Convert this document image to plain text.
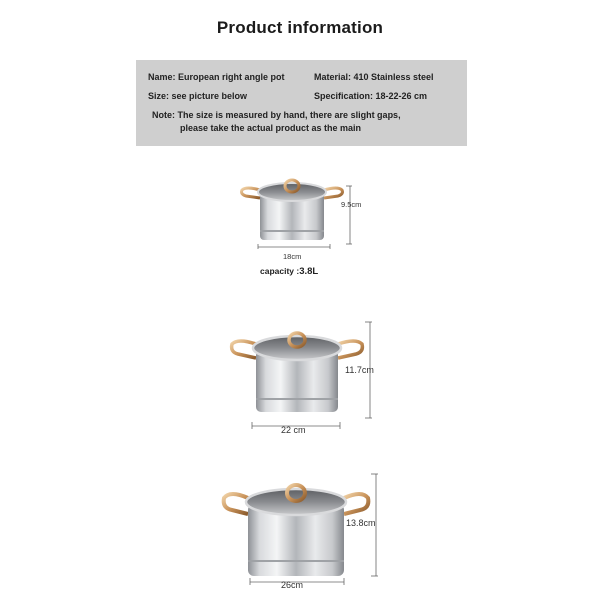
Product information
Name: European right angle pot	Material: 410 Stainless steel
Size: see picture below	Specification: 18-22-26 cm
Note: The size is measured by hand, there are slight gaps,
please take the actual product as the main
9.5cm
18cm
capacity :3.8L
11.7cm
22 cm
13.8cm
26cm
